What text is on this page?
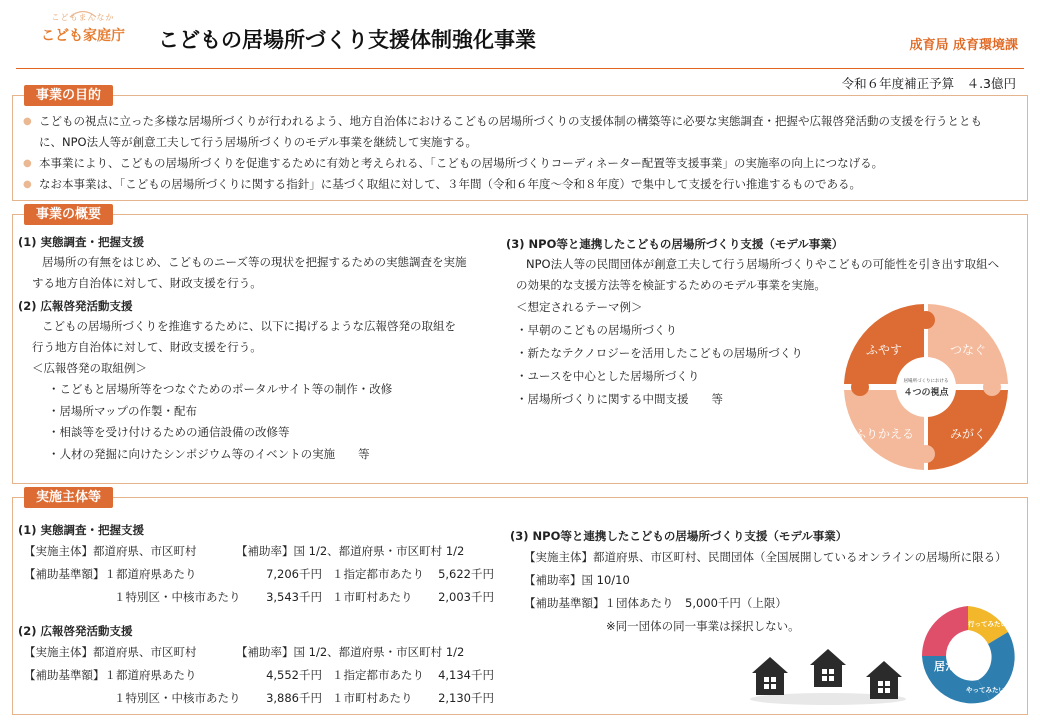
こどもまんなか
こども家庭庁	こどもの居場所づくり支援体制強化事業	成育局 成育環境課
令和６年度補正予算　４.3億円
事業の目的
● こどもの視点に立った多様な居場所づくりが行われるよう、地方自治体におけるこどもの居場所づくりの支援体制の構築等に必要な実態調査・把握や広報啓発活動の支援を行うととも
に、NPO法人等が創意工夫して行う居場所づくりのモデル事業を継続して実施する。
● 本事業により、こどもの居場所づくりを促進するために有効と考えられる、「こどもの居場所づくりコーディネーター配置等支援事業」の実施率の向上につなげる。
● なお本事業は、「こどもの居場所づくりに関する指針」に基づく取組に対して、３年間（令和６年度～令和８年度）で集中して支援を行い推進するものである。
事業の概要
(1) 実態調査・把握支援
居場所の有無をはじめ、こどものニーズ等の現状を把握するための実態調査を実施
する地方自治体に対して、財政支援を行う。
(2) 広報啓発活動支援
こどもの居場所づくりを推進するために、以下に掲げるような広報啓発の取組を
行う地方自治体に対して、財政支援を行う。
＜広報啓発の取組例＞
・こどもと居場所等をつなぐためのポータルサイト等の制作・改修
・居場所マップの作製・配布
・相談等を受け付けるための通信設備の改修等
・人材の発掘に向けたシンポジウム等のイベントの実施　　等
(3) NPO等と連携したこどもの居場所づくり支援（モデル事業）
NPO法人等の民間団体が創意工夫して行う居場所づくりやこどもの可能性を引き出す取組へ
の効果的な支援方法等を検証するためのモデル事業を実施。
＜想定されるテーマ例＞
・早朝のこどもの居場所づくり
・新たなテクノロジーを活用したこどもの居場所づくり
・ユースを中心とした居場所づくり
・居場所づくりに関する中間支援　　等
ふやす	つなぐ
ふりかえる	みがく
居場所づくりにおける
４つの視点
実施主体等
(1) 実態調査・把握支援
【実施主体】都道府県、市区町村	【補助率】国 1/2、都道府県・市区町村 1/2
【補助基準額】１都道府県あたり	7,206千円 １指定都市あたり	5,622千円
１特別区・中核市あたり	3,543千円 １市町村あたり	2,003千円
(2) 広報啓発活動支援
【実施主体】都道府県、市区町村	【補助率】国 1/2、都道府県・市区町村 1/2
【補助基準額】１都道府県あたり	4,552千円 １指定都市あたり	4,134千円
１特別区・中核市あたり	3,886千円 １市町村あたり	2,130千円
(3) NPO等と連携したこどもの居場所づくり支援（モデル事業）
【実施主体】都道府県、市区町村、民間団体（全国展開しているオンラインの居場所に限る）
【補助率】国 10/10
【補助基準額】１団体あたり　5,000千円（上限）
※同一団体の同一事業は採択しない。
居たい
行ってみたい
やってみたい
